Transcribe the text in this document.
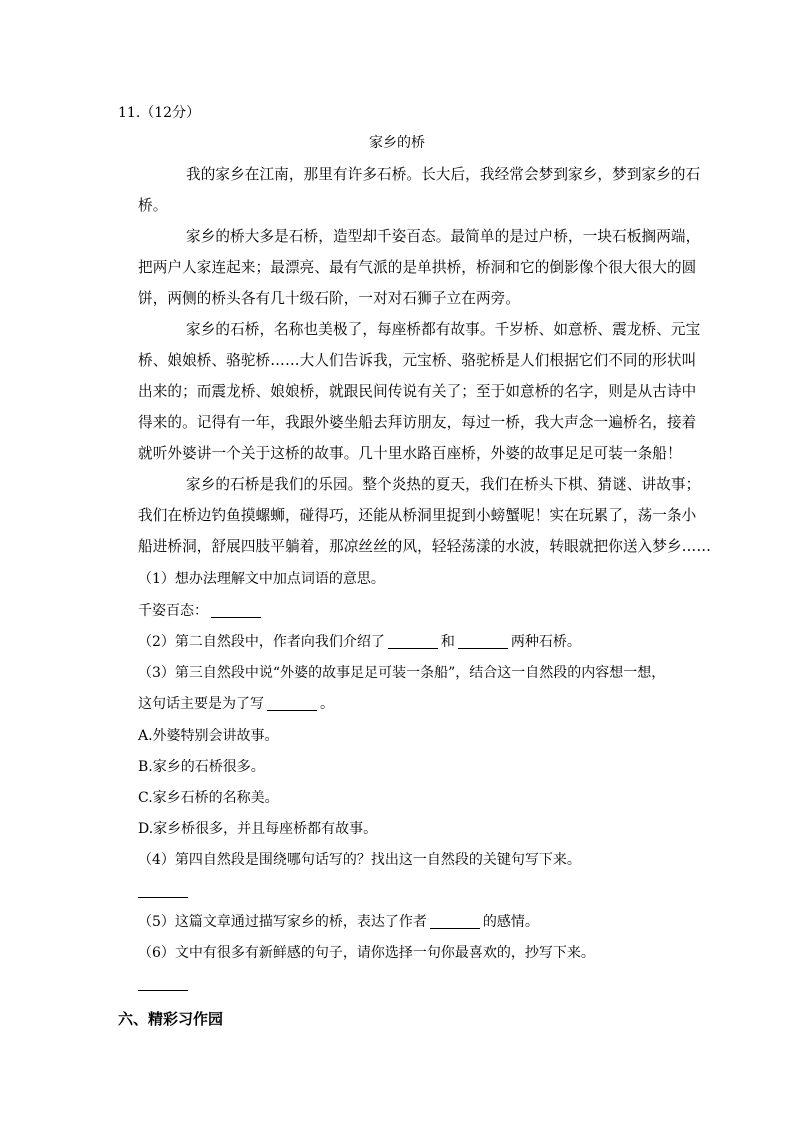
11.（12分）
家乡的桥
我的家乡在江南，那里有许多石桥。长大后，我经常会梦到家乡，梦到家乡的石
桥。
家乡的桥大多是石桥，造型却千姿百态。最简单的是过户桥，一块石板搁两端，
把两户人家连起来；最漂亮、最有气派的是单拱桥，桥洞和它的倒影像个很大很大的圆
饼，两侧的桥头各有几十级石阶，一对对石狮子立在两旁。
家乡的石桥，名称也美极了，每座桥都有故事。千岁桥、如意桥、震龙桥、元宝
桥、娘娘桥、骆驼桥……大人们告诉我，元宝桥、骆驼桥是人们根据它们不同的形状叫
出来的；而震龙桥、娘娘桥，就跟民间传说有关了；至于如意桥的名字，则是从古诗中
得来的。记得有一年，我跟外婆坐船去拜访朋友，每过一桥，我大声念一遍桥名，接着
就听外婆讲一个关于这桥的故事。几十里水路百座桥，外婆的故事足足可装一条船！
家乡的石桥是我们的乐园。整个炎热的夏天，我们在桥头下棋、猜谜、讲故事；
我们在桥边钓鱼摸螺蛳，碰得巧，还能从桥洞里捉到小螃蟹呢！实在玩累了，荡一条小
船进桥洞，舒展四肢平躺着，那凉丝丝的风，轻轻荡漾的水波，转眼就把你送入梦乡……
（1）想办法理解文中加点词语的意思。
千姿百态：
（2）第二自然段中，作者向我们介绍了	和	两种石桥。
（3）第三自然段中说“外婆的故事足足可装一条船”，结合这一自然段的内容想一想，
这句话主要是为了写	。
A.外婆特别会讲故事。
B.家乡的石桥很多。
C.家乡石桥的名称美。
D.家乡桥很多，并且每座桥都有故事。
（4）第四自然段是围绕哪句话写的？找出这一自然段的关键句写下来。
（5）这篇文章通过描写家乡的桥，表达了作者	的感情。
（6）文中有很多有新鲜感的句子，请你选择一句你最喜欢的，抄写下来。
六、精彩习作园
